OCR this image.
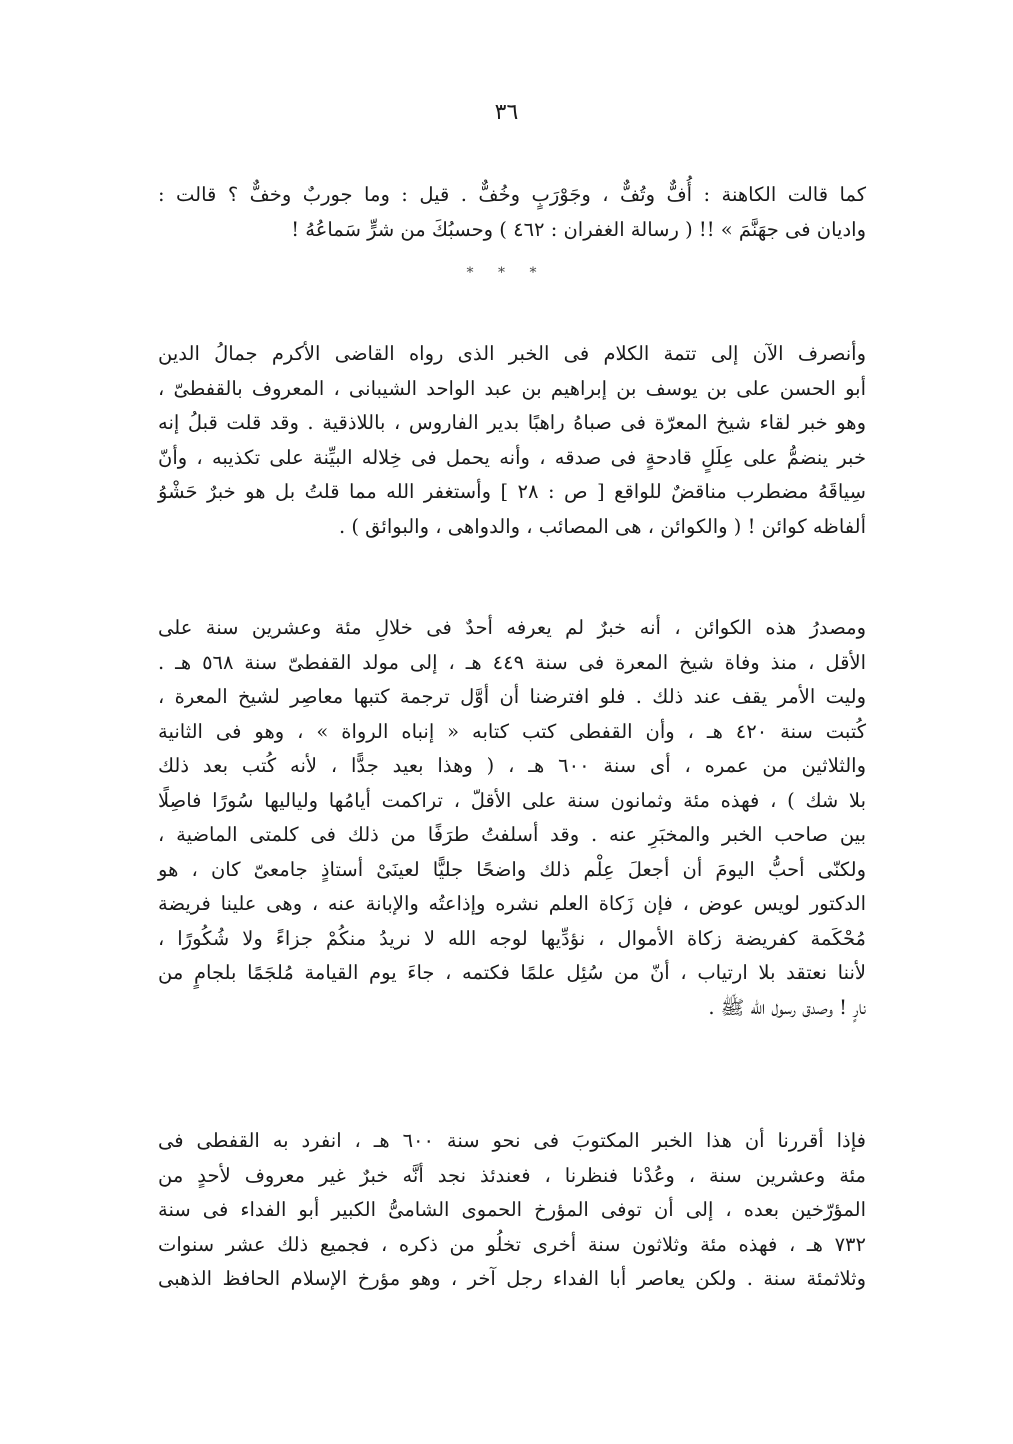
٣٦
كما قالت الكاهنة : أُفٌّ وتُفٌّ ، وجَوْرَبٍ وخُفٌّ . قيل : وما جوربٌ وخفٌّ ؟ قالت :
واديان فى جهَنَّمَ » !! ( رسالة الغفران : ٤٦٢ ) وحسبُكَ من شرٍّ سَماعُهُ !
* * *
وأنصرف الآن إلى تتمة الكلام فى الخبر الذى رواه القاضى الأكرم جمالُ الدين
أبو الحسن على بن يوسف بن إبراهيم بن عبد الواحد الشيبانى ، المعروف بالقفطىّ ،
وهو خبر لقاء شيخ المعرّة فى صباهُ راهبًا بدير الفاروس ، باللاذقية . وقد قلت قبلُ إنه
خبر ينضمُّ على عِلَلٍ قادحةٍ فى صدقه ، وأنه يحمل فى خِلاله البيِّنة على تكذيبه ، وأنّ
سِياقَهُ مضطرب مناقضٌ للواقع [ ص : ٢٨ ] وأستغفر الله مما قلتُ بل هو خبرٌ حَشْوُ
ألفاظه كوائن ! ( والكوائن ، هى المصائب ، والدواهى ، والبوائق ) .
ومصدرُ هذه الكوائن ، أنه خبرٌ لم يعرفه أحدٌ فى خلالِ مئة وعشرين سنة على
الأقل ، منذ وفاة شيخ المعرة فى سنة ٤٤٩ هـ ، إلى مولد القفطىّ سنة ٥٦٨ هـ .
وليت الأمر يقف عند ذلك . فلو افترضنا أن أوَّل ترجمة كتبها معاصِر لشيخ المعرة ،
كُتبت سنة ٤٢٠ هـ ، وأن القفطى كتب كتابه « إنباه الرواة » ، وهو فى الثانية
والثلاثين من عمره ، أى سنة ٦٠٠ هـ ، ( وهذا بعيد جدًّا ، لأنه كُتب بعد ذلك
بلا شك ) ، فهذه مئة وثمانون سنة على الأقلّ ، تراكمت أيامُها ولياليها سُورًا فاصِلًا
بين صاحب الخبر والمخبَرِ عنه . وقد أسلفتُ طرَفًا من ذلك فى كلمتى الماضية ،
ولكنّى أحبُّ اليومَ أن أجعلَ عِلْم ذلك واضحًا جليًّا لعينَىْ أستاذٍ جامعىّ كان ، هو
الدكتور لويس عوض ، فإن زَكاة العلم نشره وإذاعتُه والإبانة عنه ، وهى علينا فريضة
مُحْكَمة كفريضة زكاة الأموال ، نؤدِّيها لوجه الله لا نريدُ منكُمْ جزاءً ولا شُكُورًا ،
لأننا نعتقد بلا ارتياب ، أنّ من سُئِل علمًا فكتمه ، جاءَ يوم القيامة مُلجَمًا بلجامٍ من
نارٍ ! وصدق رسول الله ﷺ .
فإذا أقررنا أن هذا الخبر المكتوبَ فى نحو سنة ٦٠٠ هـ ، انفرد به القفطى فى
مئة وعشرين سنة ، وعُدْنا فنظرنا ، فعندئذ نجد أنَّه خبرٌ غير معروف لأحدٍ من
المؤرّخين بعده ، إلى أن توفى المؤرخ الحموى الشامىُّ الكبير أبو الفداء فى سنة
٧٣٢ هـ ، فهذه مئة وثلاثون سنة أخرى تخلُو من ذكره ، فجميع ذلك عشر سنوات
وثلاثمئة سنة . ولكن يعاصر أبا الفداء رجل آخر ، وهو مؤرخ الإسلام الحافظ الذهبى
